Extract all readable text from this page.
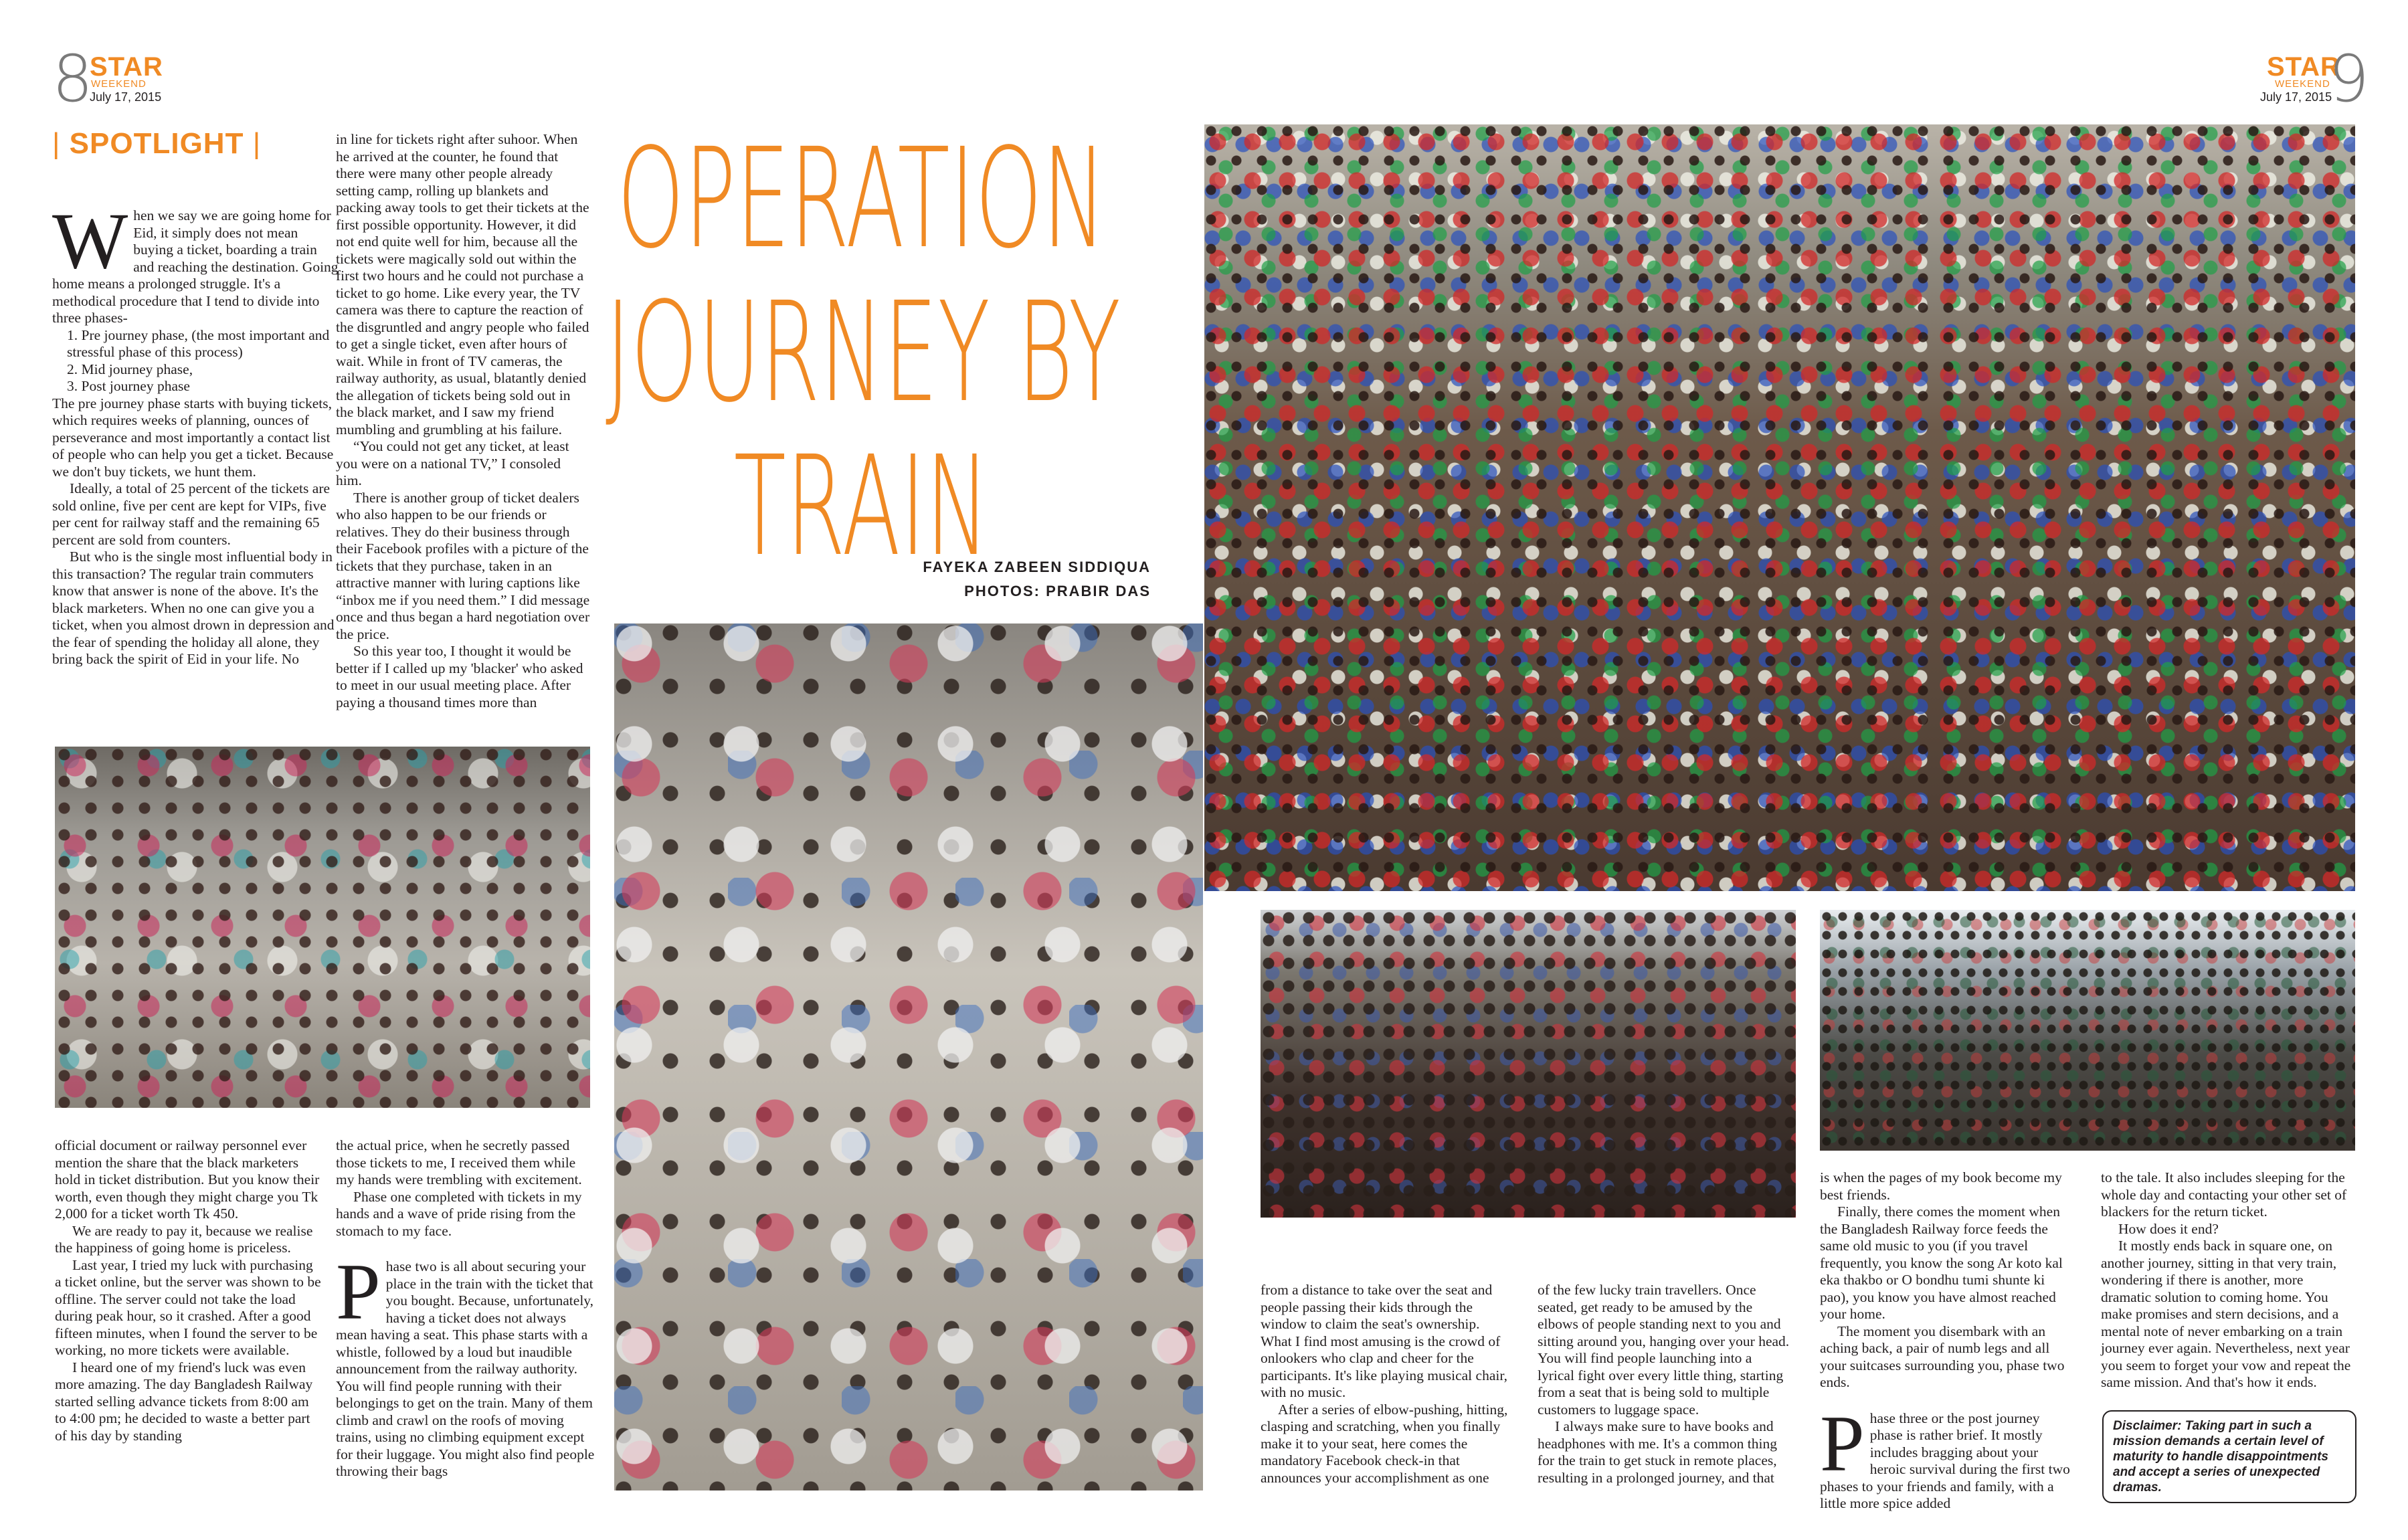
8
STAR
WEEKEND
July 17, 2015
STAR
WEEKEND
July 17, 2015
9
| SPOTLIGHT |	OPERATION
JOURNEY BY
TRAIN
FAYEKA ZABEEN SIDDIQUA
PHOTOS: PRABIR DAS
W hen we say we are going home for Eid, it simply does not mean buying a ticket, boarding a train and reaching the destination. Going home means a prolonged struggle. It's a methodical procedure that I tend to divide into three phases-

1. Pre journey phase, (the most important and stressful phase of this process)

2. Mid journey phase,

3. Post journey phase

The pre journey phase starts with buying tickets, which requires weeks of planning, ounces of perseverance and most importantly a contact list of people who can help you get a ticket. Because we don't buy tickets, we hunt them.

Ideally, a total of 25 percent of the tickets are sold online, five per cent are kept for VIPs, five per cent for railway staff and the remaining 65 percent are sold from counters.

But who is the single most influential body in this transaction? The regular train commuters know that answer is none of the above. It's the black marketers. When no one can give you a ticket, when you almost drown in depression and the fear of spending the holiday all alone, they bring back the spirit of Eid in your life. No

in line for tickets right after suhoor. When he arrived at the counter, he found that there were many other people already setting camp, rolling up blankets and packing away tools to get their tickets at the first possible opportunity. However, it did not end quite well for him, because all the tickets were magically sold out within the first two hours and he could not purchase a ticket to go home. Like every year, the TV camera was there to capture the reaction of the disgruntled and angry people who failed to get a single ticket, even after hours of wait. While in front of TV cameras, the railway authority, as usual, blatantly denied the allegation of tickets being sold out in the black market, and I saw my friend mumbling and grumbling at his failure.

“You could not get any ticket, at least you were on a national TV,” I consoled him.

There is another group of ticket dealers who also happen to be our friends or relatives. They do their business through their Facebook profiles with a picture of the tickets that they purchase, taken in an attractive manner with luring captions like “inbox me if you need them.” I did message once and thus began a hard negotiation over the price.

So this year too, I thought it would be better if I called up my 'blacker' who asked to meet in our usual meeting place. After paying a thousand times more than

official document or railway personnel ever mention the share that the black marketers hold in ticket distribution. But you know their worth, even though they might charge you Tk 2,000 for a ticket worth Tk 450.

We are ready to pay it, because we realise the happiness of going home is priceless.

Last year, I tried my luck with purchasing a ticket online, but the server was shown to be offline. The server could not take the load during peak hour, so it crashed. After a good fifteen minutes, when I found the server to be working, no more tickets were available.

I heard one of my friend's luck was even more amazing. The day Bangladesh Railway started selling advance tickets from 8:00 am to 4:00 pm; he decided to waste a better part of his day by standing

the actual price, when he secretly passed those tickets to me, I received them while my hands were trembling with excitement.

Phase one completed with tickets in my hands and a wave of pride rising from the stomach to my face.

P hase two is all about securing your place in the train with the ticket that you bought. Because, unfortunately, having a ticket does not always mean having a seat. This phase starts with a whistle, followed by a loud but inaudible announcement from the railway authority. You will find people running with their belongings to get on the train. Many of them climb and crawl on the roofs of moving trains, using no climbing equipment except for their luggage. You might also find people throwing their bags

from a distance to take over the seat and people passing their kids through the window to claim the seat's ownership. What I find most amusing is the crowd of onlookers who clap and cheer for the participants. It's like playing musical chair, with no music.

After a series of elbow-pushing, hitting, clasping and scratching, when you finally make it to your seat, here comes the mandatory Facebook check-in that announces your accomplishment as one

of the few lucky train travellers. Once seated, get ready to be amused by the elbows of people standing next to you and sitting around you, hanging over your head. You will find people launching into a lyrical fight over every little thing, starting from a seat that is being sold to multiple customers to luggage space.

I always make sure to have books and headphones with me. It's a common thing for the train to get stuck in remote places, resulting in a prolonged journey, and that

is when the pages of my book become my best friends.

Finally, there comes the moment when the Bangladesh Railway force feeds the same old music to you (if you travel frequently, you know the song Ar koto kal eka thakbo or O bondhu tumi shunte ki pao), you know you have almost reached your home.

The moment you disembark with an aching back, a pair of numb legs and all your suitcases surrounding you, phase two ends.

P hase three or the post journey phase is rather brief. It mostly includes bragging about your heroic survival during the first two phases to your friends and family, with a little more spice added

to the tale. It also includes sleeping for the whole day and contacting your other set of blackers for the return ticket.

How does it end?

It mostly ends back in square one, on another journey, sitting in that very train, wondering if there is another, more dramatic solution to coming home. You make promises and stern decisions, and a mental note of never embarking on a train journey ever again. Nevertheless, next year you seem to forget your vow and repeat the same mission. And that's how it ends.

Disclaimer: Taking part in such a mission demands a certain level of maturity to handle disappointments and accept a series of unexpected dramas.
